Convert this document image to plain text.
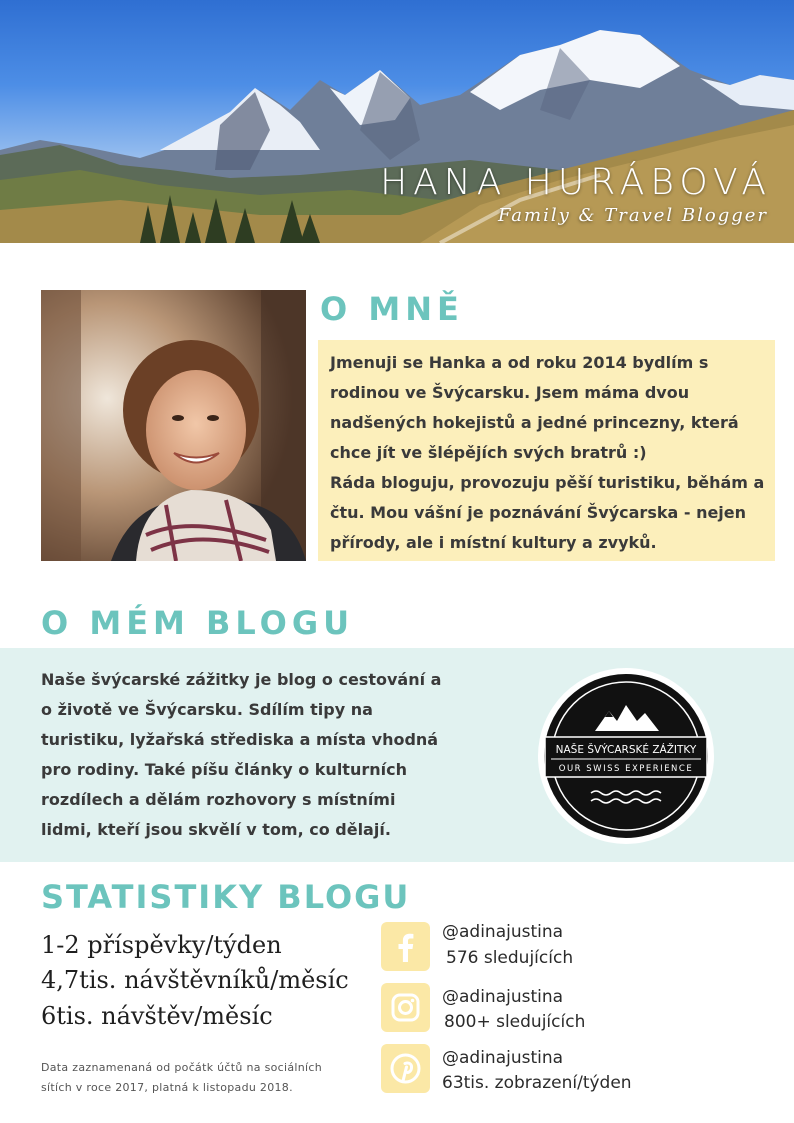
HANA HURÁBOVÁ
Family & Travel Blogger
O MNĚ

Jmenuji se Hanka a od roku 2014 bydlím s rodinou ve Švýcarsku. Jsem máma dvou nadšených hokejistů a jedné princezny, která chce jít ve šlépějích svých bratrů :)
Ráda bloguju, provozuju pěší turistiku, běhám a čtu. Mou vášní je poznávání Švýcarska - nejen přírody, ale i místní kultury a zvyků.

O MÉM BLOGU
Naše švýcarské zážitky je blog o cestování a o životě ve Švýcarsku. Sdílím tipy na turistiku, lyžařská střediska a místa vhodná pro rodiny. Také píšu články o kulturních rozdílech a dělám rozhovory s místními lidmi, kteří jsou skvělí v tom, co dělají.
NAŠE ŠVÝCARSKÉ ZÁŽITKY
OUR SWISS EXPERIENCE
STATISTIKY BLOGU
1-2 příspěvky/týden
4,7tis. návštěvníků/měsíc
6tis. návštěv/měsíc
Data zaznamenaná od počátk účtů na sociálních sítích v roce 2017, platná k listopadu 2018.
@adinajustina
576 sledujících
@adinajustina
800+ sledujících
@adinajustina
63tis. zobrazení/týden
